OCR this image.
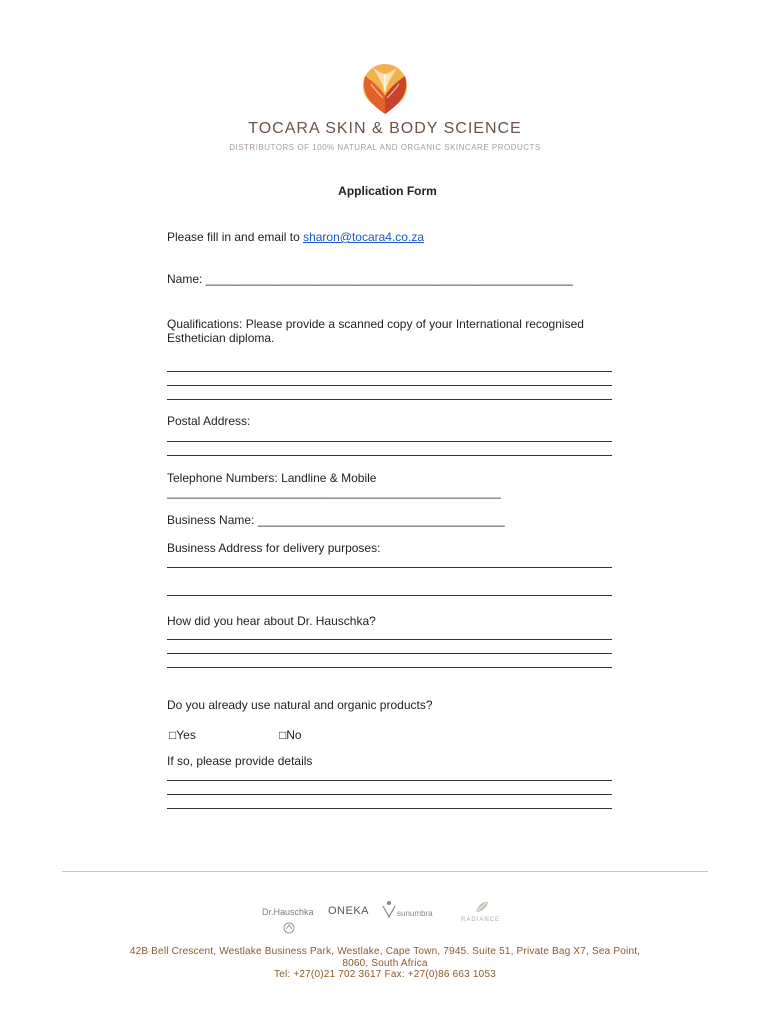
TOCARA SKIN & BODY SCIENCE
DISTRIBUTORS OF 100% NATURAL AND ORGANIC SKINCARE PRODUCTS
Application Form
Please fill in and email to sharon@tocara4.co.za
Name: _______________________________________________________
Qualifications: Please provide a scanned copy of your International recognised Esthetician diploma.
Postal Address:
Telephone Numbers: Landline & Mobile
__________________________________________________
Business Name: _____________________________________
Business Address for delivery purposes:
How did you hear about Dr. Hauschka?
Do you already use natural and organic products?
□Yes	□No
If so, please provide details
Dr.Hauschka ONEKA	sunumbra
RADIANCE
42B Bell Crescent, Westlake Business Park, Westlake, Cape Town, 7945. Suite 51, Private Bag X7, Sea Point,
8060, South Africa
Tel: +27(0)21 702 3617 Fax: +27(0)86 663 1053
